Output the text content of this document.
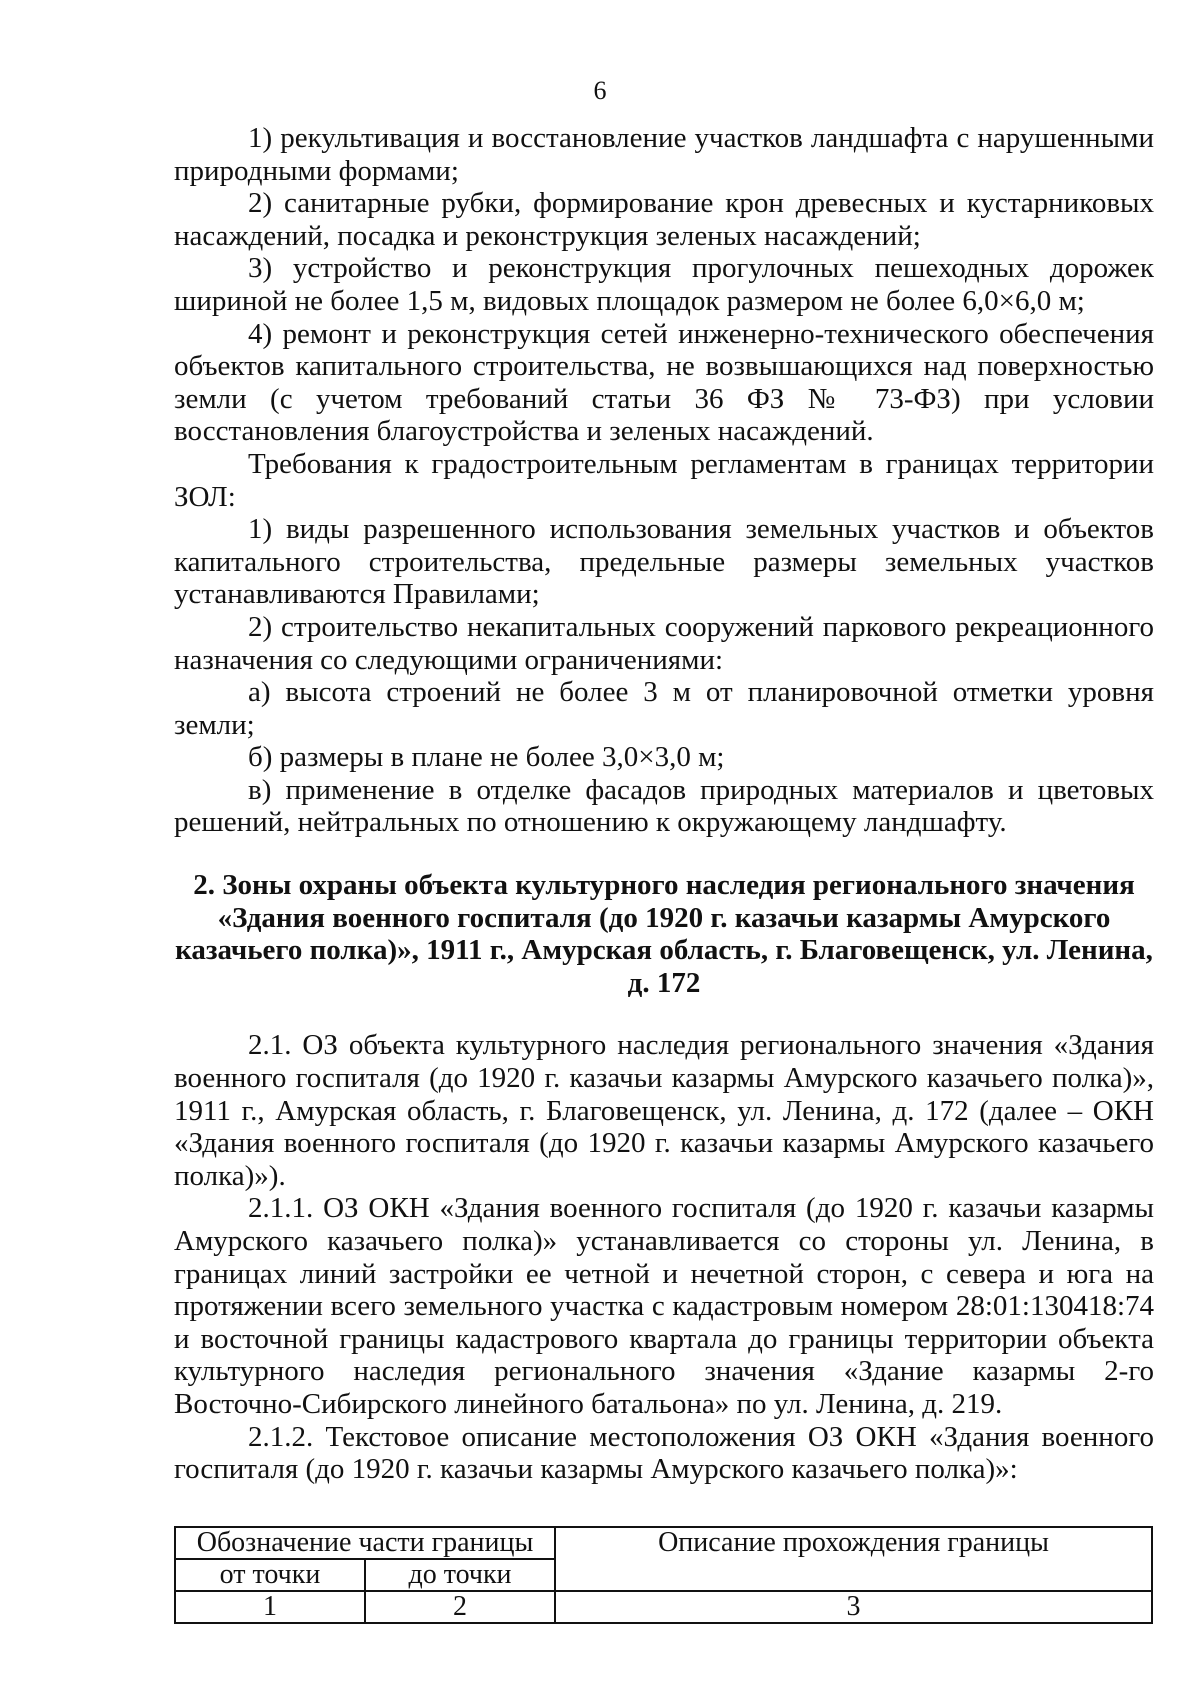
6

1) рекультивация и восстановление участков ландшафта с нарушенными природными формами;

2) санитарные рубки, формирование крон древесных и кустарниковых насаждений, посадка и реконструкция зеленых насаждений;

3) устройство и реконструкция прогулочных пешеходных дорожек шириной не более 1,5 м, видовых площадок размером не более 6,0×6,0 м;

4) ремонт и реконструкция сетей инженерно-технического обеспечения объектов капитального строительства, не возвышающихся над поверхностью земли (с учетом требований статьи 36 ФЗ № 73-ФЗ) при условии восстановления благоустройства и зеленых насаждений.

Требования к градостроительным регламентам в границах территории ЗОЛ:

1) виды разрешенного использования земельных участков и объектов капитального строительства, предельные размеры земельных участков устанавливаются Правилами;

2) строительство некапитальных сооружений паркового рекреационного назначения со следующими ограничениями:

а) высота строений не более 3 м от планировочной отметки уровня земли;

б) размеры в плане не более 3,0×3,0 м;

в) применение в отделке фасадов природных материалов и цветовых решений, нейтральных по отношению к окружающему ландшафту.

2. Зоны охраны объекта культурного наследия регионального значения
«Здания военного госпиталя (до 1920 г. казачьи казармы Амурского
казачьего полка)», 1911 г., Амурская область, г. Благовещенск, ул. Ленина,
д. 172

2.1. ОЗ объекта культурного наследия регионального значения «Здания военного госпиталя (до 1920 г. казачьи казармы Амурского казачьего полка)», 1911 г., Амурская область, г. Благовещенск, ул. Ленина, д. 172 (далее – ОКН «Здания военного госпиталя (до 1920 г. казачьи казармы Амурского казачьего полка)»).

2.1.1. ОЗ ОКН «Здания военного госпиталя (до 1920 г. казачьи казармы Амурского казачьего полка)» устанавливается со стороны ул. Ленина, в границах линий застройки ее четной и нечетной сторон, с севера и юга на протяжении всего земельного участка с кадастровым номером 28:01:130418:74 и восточной границы кадастрового квартала до границы территории объекта культурного наследия регионального значения «Здание казармы 2-го Восточно-Сибирского линейного батальона» по ул. Ленина, д. 219.

2.1.2. Текстовое описание местоположения ОЗ ОКН «Здания военного госпиталя (до 1920 г. казачьи казармы Амурского казачьего полка)»:

Обозначение части границы		Описание прохождения границы
от точки	до точки	
1	2	3
